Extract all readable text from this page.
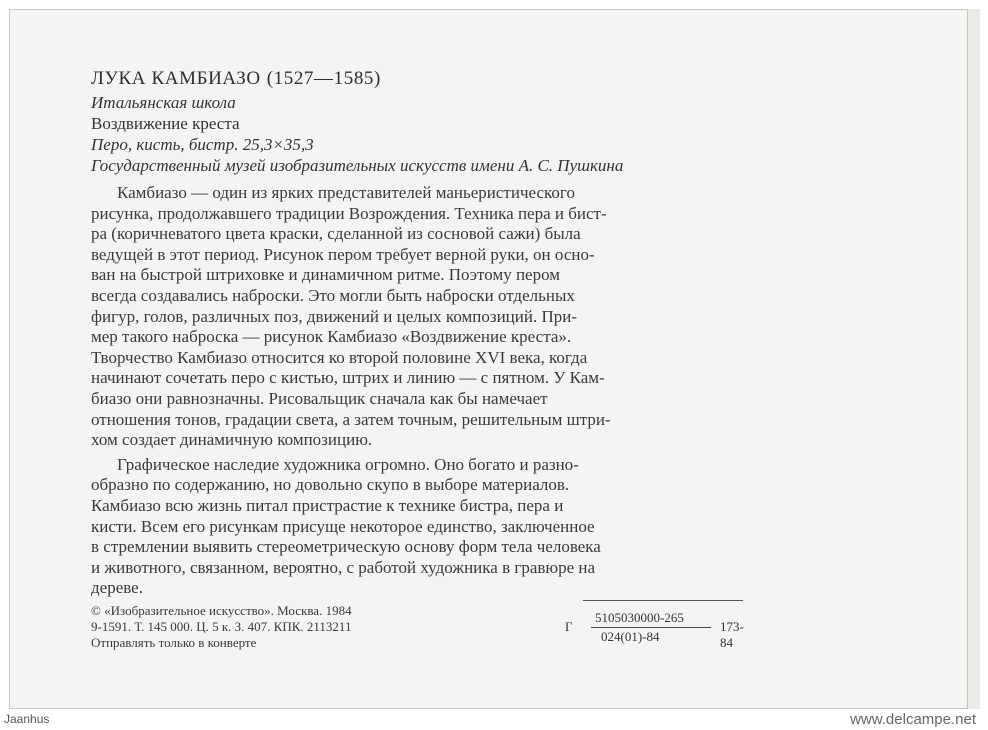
ЛУКА КАМБИАЗО (1527—1585)
Итальянская школа
Воздвижение креста
Перо, кисть, бистр. 25,3×35,3
Государственный музей изобразительных искусств имени А. С. Пушкина
Камбиазо — один из ярких представителей маньеристического
рисунка, продолжавшего традиции Возрождения. Техника пера и бист-
ра (коричневатого цвета краски, сделанной из сосновой сажи) была
ведущей в этот период. Рисунок пером требует верной руки, он осно-
ван на быстрой штриховке и динамичном ритме. Поэтому пером
всегда создавались наброски. Это могли быть наброски отдельных
фигур, голов, различных поз, движений и целых композиций. При-
мер такого наброска — рисунок Камбиазо «Воздвижение креста».
Творчество Камбиазо относится ко второй половине XVI века, когда
начинают сочетать перо с кистью, штрих и линию — с пятном. У Кам-
биазо они равнозначны. Рисовальщик сначала как бы намечает
отношения тонов, градации света, а затем точным, решительным штри-
хом создает динамичную композицию.
Графическое наследие художника огромно. Оно богато и разно-
образно по содержанию, но довольно скупо в выборе материалов.
Камбиазо всю жизнь питал пристрастие к технике бистра, пера и
кисти. Всем его рисункам присуще некоторое единство, заключенное
в стремлении выявить стереометрическую основу форм тела человека
и животного, связанном, вероятно, с работой художника в гравюре на
дереве.
© «Изобразительное искусство». Москва. 1984
9-1591. Т. 145 000. Ц. 5 к. З. 407. КПК. 2113211
Отправлять только в конверте
Г
5105030000-265
024(01)-84
173-84
Jaanhus	www.delcampe.net
